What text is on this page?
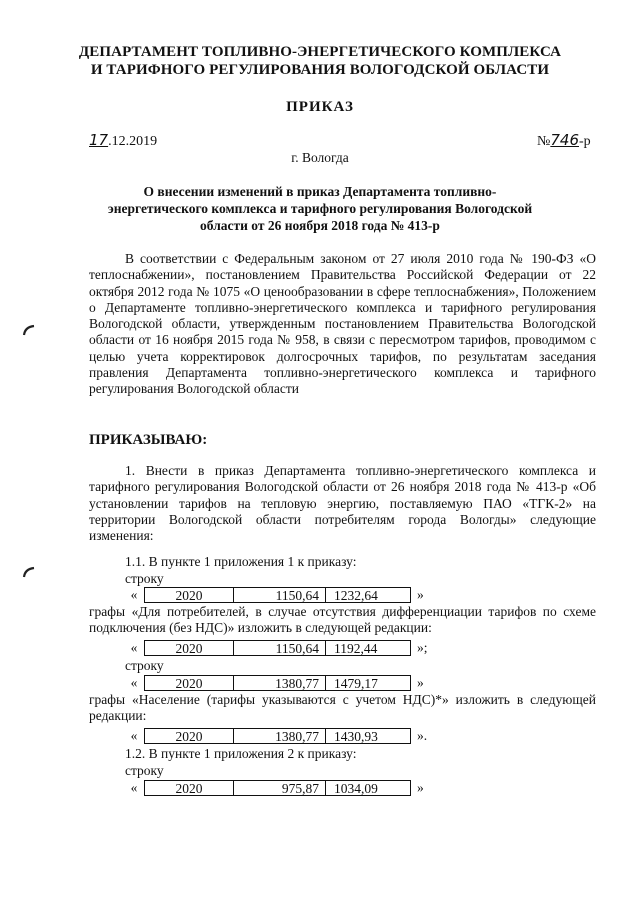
ДЕПАРТАМЕНТ ТОПЛИВНО-ЭНЕРГЕТИЧЕСКОГО КОМПЛЕКСА
И ТАРИФНОГО РЕГУЛИРОВАНИЯ ВОЛОГОДСКОЙ ОБЛАСТИ
ПРИКАЗ
17.12.2019	№746-р
г. Вологда
О внесении изменений в приказ Департамента топливно-энергетического комплекса и тарифного регулирования Вологодской области от 26 ноября 2018 года № 413-р
В соответствии с Федеральным законом от 27 июля 2010 года № 190-ФЗ «О теплоснабжении», постановлением Правительства Российской Федерации от 22 октября 2012 года № 1075 «О ценообразовании в сфере теплоснабжения», Положением о Департаменте топливно-энергетического комплекса и тарифного регулирования Вологодской области, утвержденным постановлением Правительства Вологодской области от 16 ноября 2015 года № 958, в связи с пересмотром тарифов, проводимом с целью учета корректировок долгосрочных тарифов, по результатам заседания правления Департамента топливно-энергетического комплекса и тарифного регулирования Вологодской области
ПРИКАЗЫВАЮ:
1. Внести в приказ Департамента топливно-энергетического комплекса и тарифного регулирования Вологодской области от 26 ноября 2018 года № 413-р «Об установлении тарифов на тепловую энергию, поставляемую ПАО «ТГК-2» на территории Вологодской области потребителям города Вологды» следующие изменения:
1.1. В пункте 1 приложения 1 к приказу:
строку
«	2020	1150,64	1232,64	»
графы «Для потребителей, в случае отсутствия дифференциации тарифов по схеме подключения (без НДС)» изложить в следующей редакции:
«	2020	1150,64	1192,44	»;
строку
«	2020	1380,77	1479,17	»
графы «Население (тарифы указываются с учетом НДС)*» изложить в следующей редакции:
«	2020	1380,77	1430,93	».
1.2. В пункте 1 приложения 2 к приказу:
строку
«	2020	975,87	1034,09	»
